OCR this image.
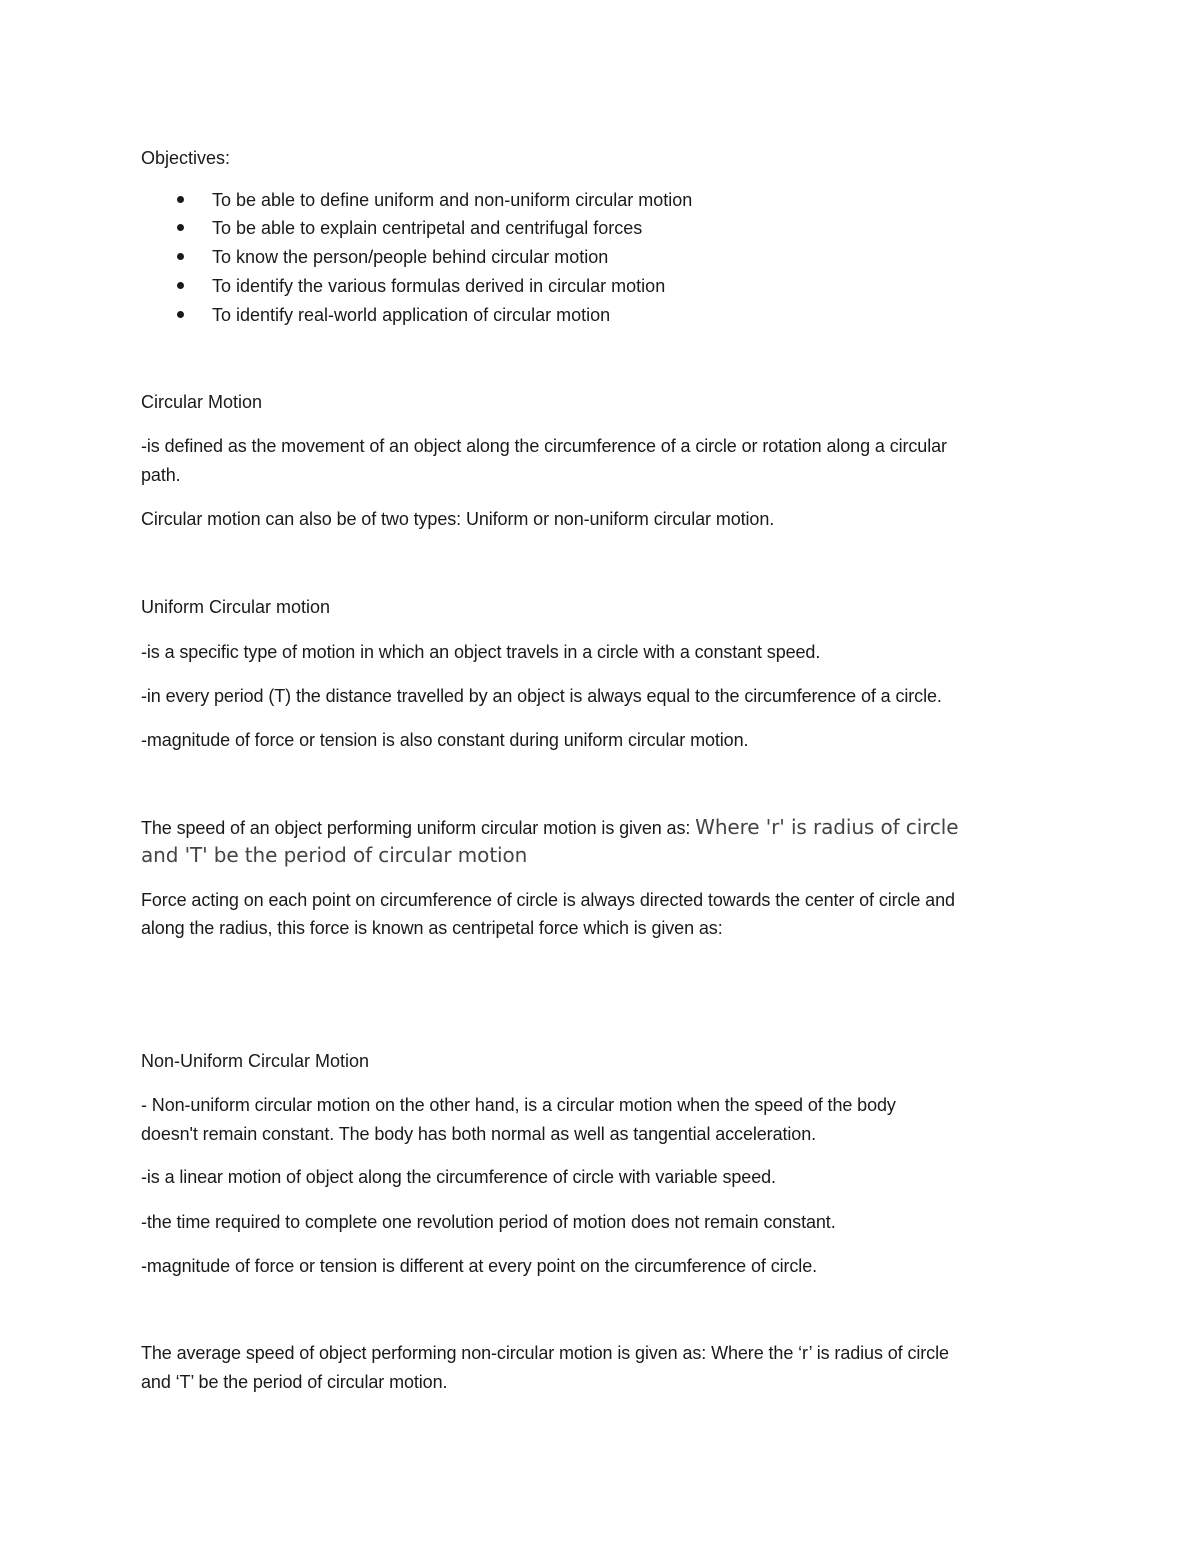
Objectives:
To be able to define uniform and non-uniform circular motion
To be able to explain centripetal and centrifugal forces
To know the person/people behind circular motion
To identify the various formulas derived in circular motion
To identify real-world application of circular motion
Circular Motion
-is defined as the movement of an object along the circumference of a circle or rotation along a circular
path.
Circular motion can also be of two types: Uniform or non-uniform circular motion.
Uniform Circular motion
-is a specific type of motion in which an object travels in a circle with a constant speed.
-in every period (T) the distance travelled by an object is always equal to the circumference of a circle.
-magnitude of force or tension is also constant during uniform circular motion.
The speed of an object performing uniform circular motion is given as: Where 'r' is radius of circle
and 'T' be the period of circular motion
Force acting on each point on circumference of circle is always directed towards the center of circle and
along the radius, this force is known as centripetal force which is given as:
Non-Uniform Circular Motion
- Non-uniform circular motion on the other hand, is a circular motion when the speed of the body
doesn't remain constant. The body has both normal as well as tangential acceleration.
-is a linear motion of object along the circumference of circle with variable speed.
-the time required to complete one revolution period of motion does not remain constant.
-magnitude of force or tension is different at every point on the circumference of circle.
The average speed of object performing non-circular motion is given as: Where the ‘r’ is radius of circle
and ‘T’ be the period of circular motion.
